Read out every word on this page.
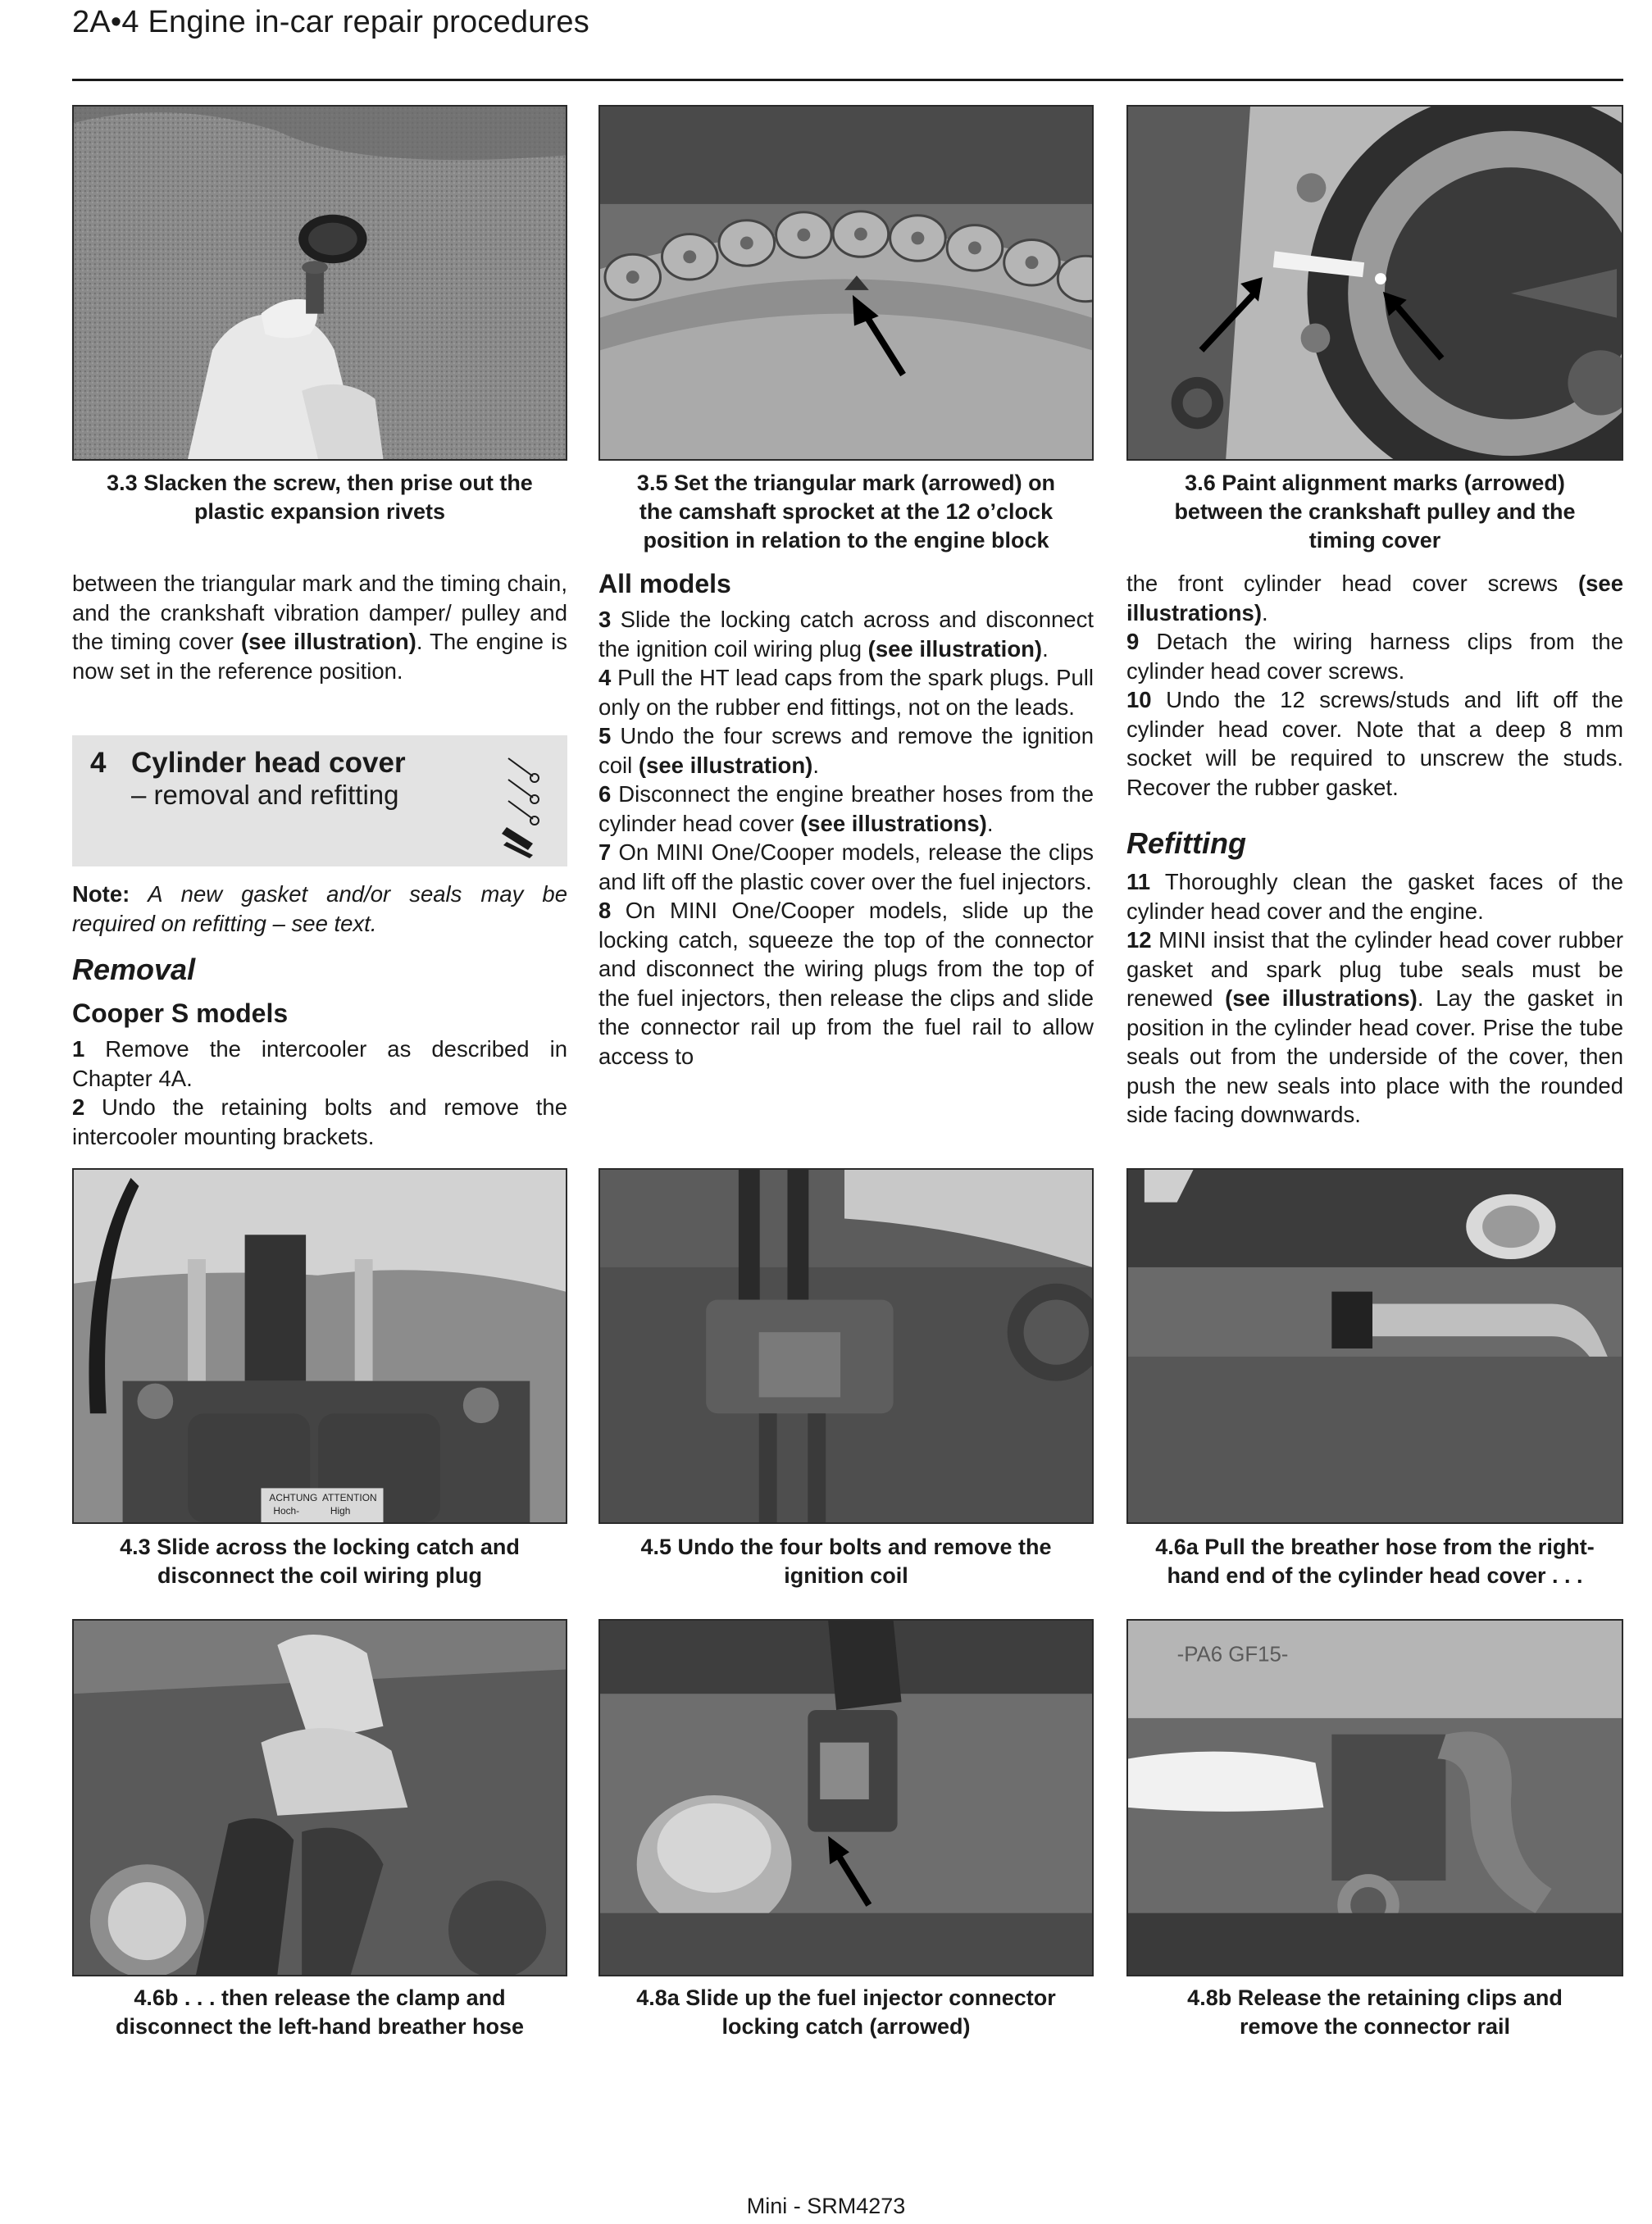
2A•4 Engine in-car repair procedures
3.3 Slacken the screw, then prise out the
plastic expansion rivets
3.5 Set the triangular mark (arrowed) on
the camshaft sprocket at the 12 o’clock
position in relation to the engine block
3.6 Paint alignment marks (arrowed)
between the crankshaft pulley and the
timing cover

between the triangular mark and the timing chain, and the crankshaft vibration damper/ pulley and the timing cover (see illustration). The engine is now set in the reference position.

4 Cylinder head cover
– removal and refitting
Note: A new gasket and/or seals may be required on refitting – see text.
Removal
Cooper S models

1 Remove the intercooler as described in Chapter 4A.

2 Undo the retaining bolts and remove the intercooler mounting brackets.

All models

3 Slide the locking catch across and disconnect the ignition coil wiring plug (see illustration).

4 Pull the HT lead caps from the spark plugs. Pull only on the rubber end fittings, not on the leads.

5 Undo the four screws and remove the ignition coil (see illustration).

6 Disconnect the engine breather hoses from the cylinder head cover (see illustrations).

7 On MINI One/Cooper models, release the clips and lift off the plastic cover over the fuel injectors.

8 On MINI One/Cooper models, slide up the locking catch, squeeze the top of the connector and disconnect the wiring plugs from the top of the fuel injectors, then release the clips and slide the connector rail up from the fuel rail to allow access to

the front cylinder head cover screws (see illustrations).

9 Detach the wiring harness clips from the cylinder head cover screws.

10 Undo the 12 screws/studs and lift off the cylinder head cover. Note that a deep 8 mm socket will be required to unscrew the studs. Recover the rubber gasket.

Refitting

11 Thoroughly clean the gasket faces of the cylinder head cover and the engine.

12 MINI insist that the cylinder head cover rubber gasket and spark plug tube seals must be renewed (see illustrations). Lay the gasket in position in the cylinder head cover. Prise the tube seals out from the underside of the cover, then push the new seals into place with the rounded side facing downwards.

ACHTUNG
Hoch-
ATTENTION
High
4.3 Slide across the locking catch and
disconnect the coil wiring plug
4.5 Undo the four bolts and remove the
ignition coil
4.6a Pull the breather hose from the right-
hand end of the cylinder head cover . . .
-PA6 GF15-
4.6b . . . then release the clamp and
disconnect the left-hand breather hose
4.8a Slide up the fuel injector connector
locking catch (arrowed)
4.8b Release the retaining clips and
remove the connector rail
Mini - SRM4273
